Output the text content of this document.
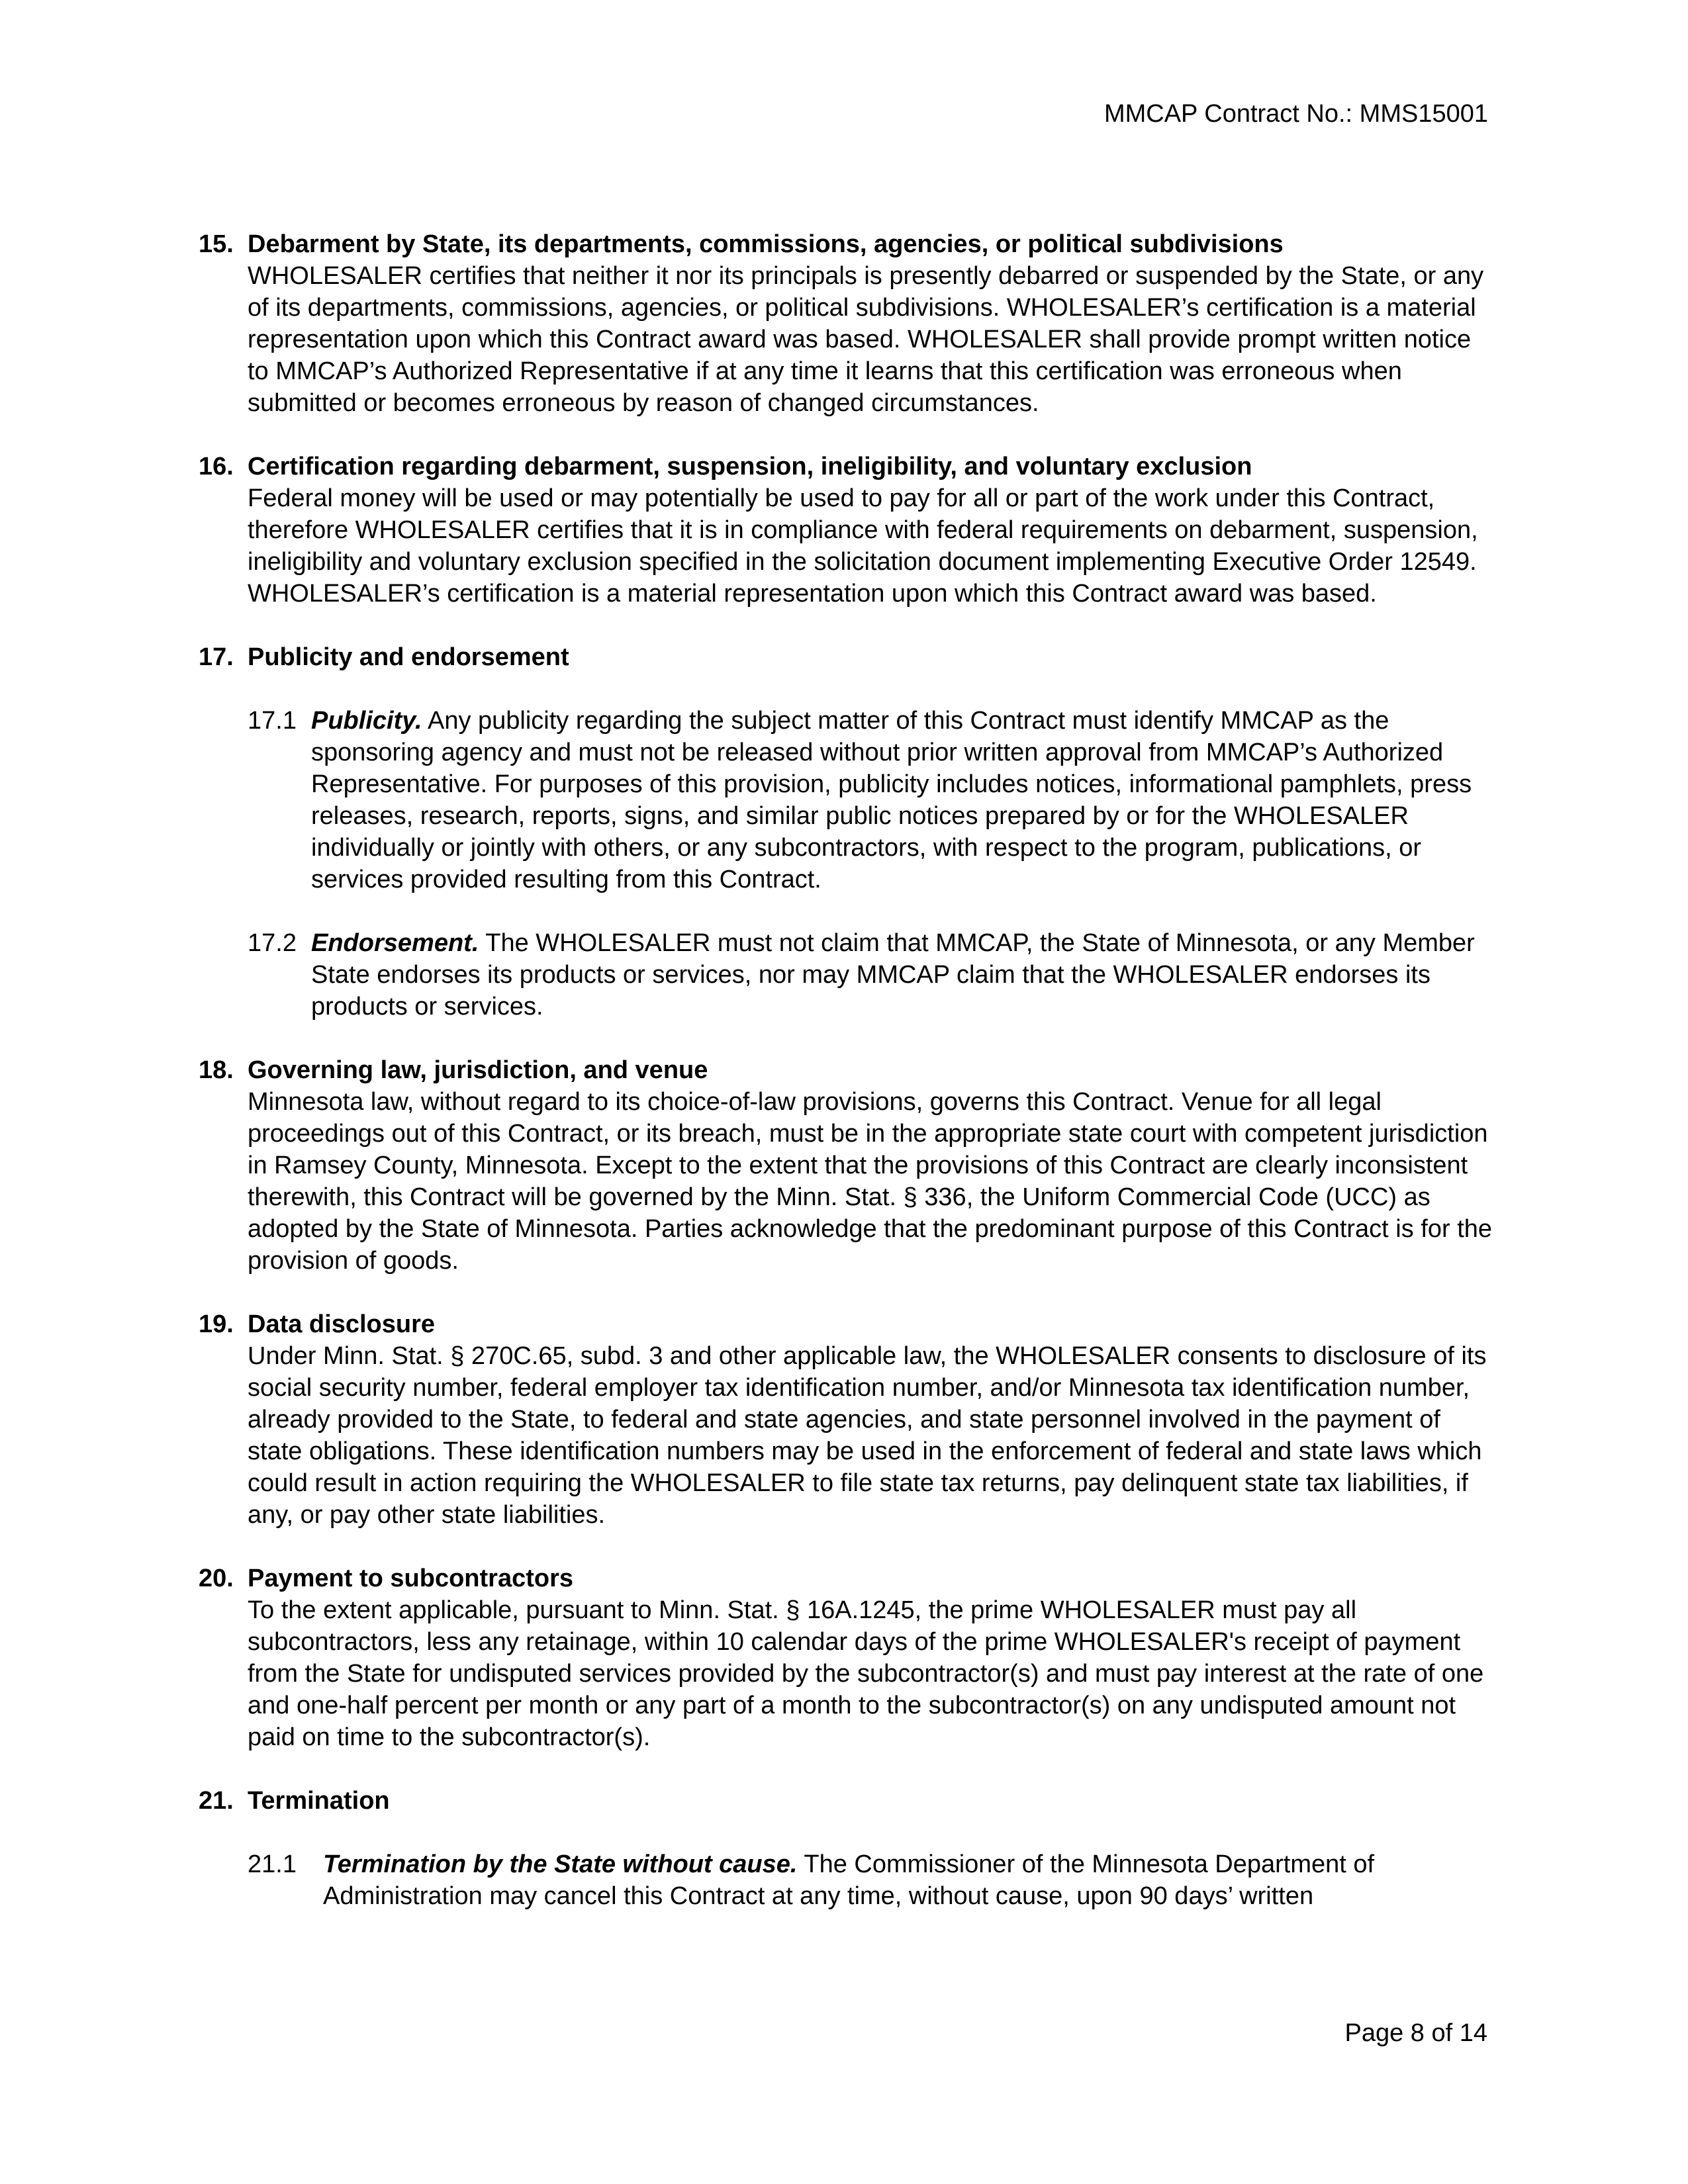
MMCAP Contract No.: MMS15001
15. Debarment by State, its departments, commissions, agencies, or political subdivisions

WHOLESALER certifies that neither it nor its principals is presently debarred or suspended by the State, or any of its departments, commissions, agencies, or political subdivisions. WHOLESALER’s certification is a material representation upon which this Contract award was based. WHOLESALER shall provide prompt written notice to MMCAP’s Authorized Representative if at any time it learns that this certification was erroneous when submitted or becomes erroneous by reason of changed circumstances.

16. Certification regarding debarment, suspension, ineligibility, and voluntary exclusion

Federal money will be used or may potentially be used to pay for all or part of the work under this Contract, therefore WHOLESALER certifies that it is in compliance with federal requirements on debarment, suspension, ineligibility and voluntary exclusion specified in the solicitation document implementing Executive Order 12549. WHOLESALER’s certification is a material representation upon which this Contract award was based.

17. Publicity and endorsement
17.1 Publicity. Any publicity regarding the subject matter of this Contract must identify MMCAP as the sponsoring agency and must not be released without prior written approval from MMCAP’s Authorized Representative. For purposes of this provision, publicity includes notices, informational pamphlets, press releases, research, reports, signs, and similar public notices prepared by or for the WHOLESALER individually or jointly with others, or any subcontractors, with respect to the program, publications, or services provided resulting from this Contract.

17.2 Endorsement. The WHOLESALER must not claim that MMCAP, the State of Minnesota, or any Member State endorses its products or services, nor may MMCAP claim that the WHOLESALER endorses its products or services.

18. Governing law, jurisdiction, and venue

Minnesota law, without regard to its choice-of-law provisions, governs this Contract. Venue for all legal proceedings out of this Contract, or its breach, must be in the appropriate state court with competent jurisdiction in Ramsey County, Minnesota. Except to the extent that the provisions of this Contract are clearly inconsistent therewith, this Contract will be governed by the Minn. Stat. § 336, the Uniform Commercial Code (UCC) as adopted by the State of Minnesota. Parties acknowledge that the predominant purpose of this Contract is for the provision of goods.

19. Data disclosure

Under Minn. Stat. § 270C.65, subd. 3 and other applicable law, the WHOLESALER consents to disclosure of its social security number, federal employer tax identification number, and/or Minnesota tax identification number, already provided to the State, to federal and state agencies, and state personnel involved in the payment of state obligations. These identification numbers may be used in the enforcement of federal and state laws which could result in action requiring the WHOLESALER to file state tax returns, pay delinquent state tax liabilities, if any, or pay other state liabilities.

20. Payment to subcontractors

To the extent applicable, pursuant to Minn. Stat. § 16A.1245, the prime WHOLESALER must pay all subcontractors, less any retainage, within 10 calendar days of the prime WHOLESALER's receipt of payment from the State for undisputed services provided by the subcontractor(s) and must pay interest at the rate of one and one-half percent per month or any part of a month to the subcontractor(s) on any undisputed amount not paid on time to the subcontractor(s).

21. Termination
21.1 Termination by the State without cause. The Commissioner of the Minnesota Department of Administration may cancel this Contract at any time, without cause, upon 90 days’ written

Page 8 of 14
